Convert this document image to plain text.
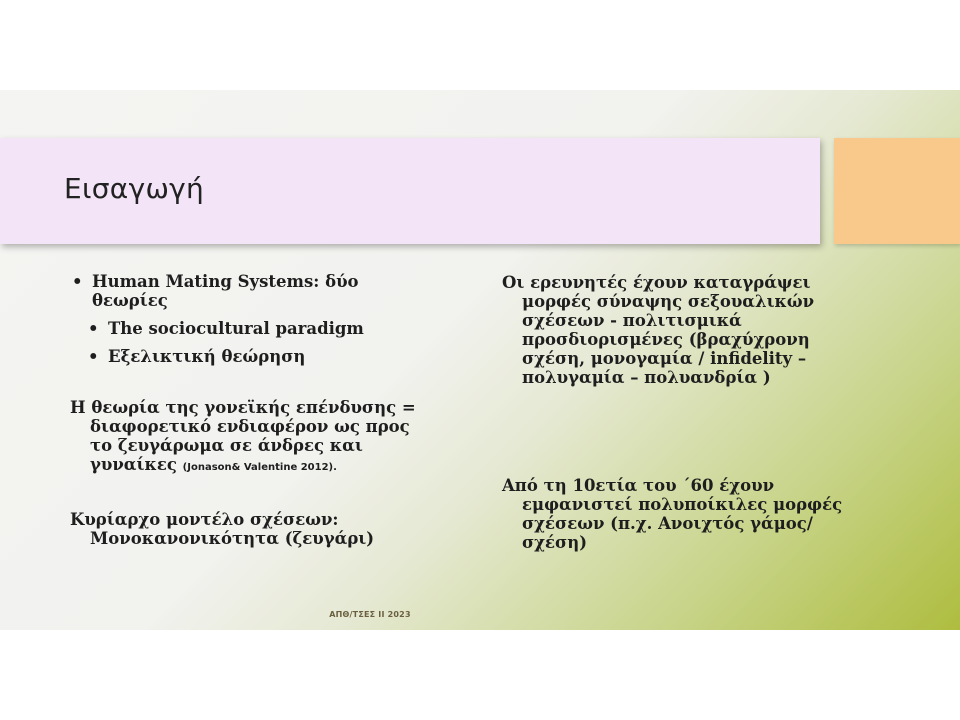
Εισαγωγή
• Human Mating Systems: δύο θεωρίες
• The sociocultural paradigm
• Εξελικτική θεώρηση
Η θεωρία της γονεϊκής επένδυσης = διαφορετικό ενδιαφέρον ως προς το ζευγάρωμα σε άνδρες και γυναίκες (Jonason& Valentine 2012).
Κυρίαρχο μοντέλο σχέσεων: Μονοκανονικότητα (ζευγάρι)
Οι ερευνητές έχουν καταγράψει μορφές σύναψης σεξουαλικών σχέσεων - πολιτισμικά προσδιορισμένες (βραχύχρονη σχέση, μονογαμία / infidelity – πολυγαμία – πολυανδρία )
Από τη 10ετία του ΄60 έχουν εμφανιστεί πολυποίκιλες μορφές σχέσεων (π.χ. Ανοιχτός γάμος/σχέση)
ΑΠΘ/ΤΣΕΣ ΙΙ 2023
